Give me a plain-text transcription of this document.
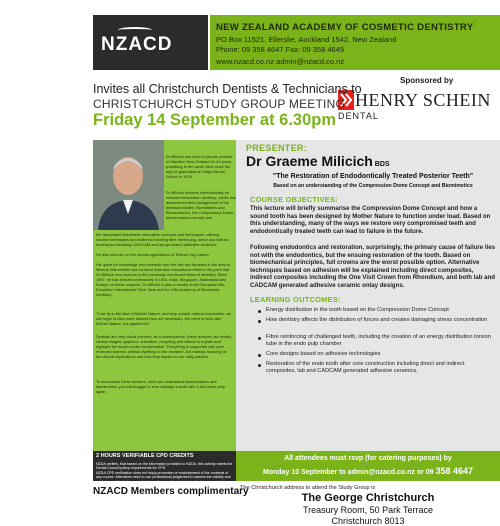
NZACD
NEW ZEALAND ACADEMY OF COSMETIC DENTISTRY
PO Box 11521, Ellerslie, Auckland 1542, New Zealand
Phone: 09 358 4647 Fax: 09 358 4649
www.nzacd.co.nz admin@nzacd.co.nz
Sponsored by
HENRY SCHEIN
DENTAL
Invites all Christchurch Dentists & Technicians to
CHRISTCHURCH STUDY GROUP MEETING
Friday 14 September at 6.30pm
Dr Milicich has been in private practice in Hamilton New Zealand for 40 years, practicing in the same clinic since the day he graduated at Otago Dental School in 1976.
Dr Milicich lectures internationally on minimal intervention dentistry, caries risk assessment and management of the diseased biofilm, Biomimetics and Biomechanics, the Compression Dome biomechanics concept and
the associated biomimetic restorative concepts and techniques, utilizing modern techniques and material including fibre reinforcing, direct and indirect techniques including CAD/CAM and lab generated adhesive ceramics.
He also lectures on the clinical applications of Erbium-Yag Lasers.
His quest for knowledge and research over the last two decades in the area of Mineral Intervention has involved extensive educational effort to the point that Dr Milicich now lectures in the previously mentioned fields of dentistry. Since 1997, he has lectured extensively in USA, India, Singapore, Australasia and Europe on these subjects. Dr Milicich is also a mentor to the European Bio-Emulation International Think Tank and the USA Academy of Biomimetic Dentistry.
"If we fly in the face of Mother Nature, and stop outside natural boundaries, we will begin to face more failures than are necessary. We need to work with Mother Nature, not against her".
Dentists are very visual learners, as a consequence, these lectures use mostly clinical images, graphics, animation, morphing and videos to explain and highlight the issues under consideration. Everything is supported with peer reviewed science, without dwelling on the research, but instead, focusing on the clinical implications and how they impact on our daily practice.
To summarise these lectures, once you understand biomechanics and biomimetics, you will struggle to ever damage a tooth with a full crown prep again.
2 HOURS VERIFIABLE CPD CREDITS
NZDA verifies, that based on the information provided to NZDA, this activity meets the Dental Council policy requirements for CPD.
NZDA CPD verification does not imply promotion or endorsement of the contents of any course. Attendees need to use professional judgement to assess the validity and usefulness of techniques, materials or therapeutic products to their own practice.
NZACD Members complimentary
PRESENTER:
Dr Graeme Milicich BDS
"The Restoration of Endodontically Treated Posterior Teeth"
Based on an understanding of the Compression Dome Concept and Biomimetics
COURSE OBJECTIVES:
This lecture will briefly summarise the Compression Dome Concept and how a sound tooth has been designed by Mother Nature to function under load. Based on this understanding, many of the ways we restore very compromised teeth and endodontically treated teeth can lead to failure in the future.
Following endodontics and restoration, surprisingly, the primary cause of failure lies not with the endodontics, but the ensuing restoration of the tooth. Based on biomechanical principles, full crowns are the worst possible option. Alternative techniques based on adhesion will be explained including direct composites, indirect composites including the One Visit Crown from Rhondium, and both lab and CADCAM generated adhesive ceramic onlay designs.
LEARNING OUTCOMES:
Energy distribution in the tooth based on the Compression Dome Concept
How dentistry affects the distribution of forces and creates damaging stress concentration
Fibre reinforcing of challenged teeth, including the creation of an energy distribution torsion tube in the endo pulp chamber
Core designs based on adhesive technologies
Restoration of the endo tooth after core construction including direct and indirect composites, lab and CADCAM generated adhesive ceramics.
All attendees must rsvp (for catering purposes) by
Monday 10 September to admin@nzacd.co.nz or 09 358 4647
The Christchurch address to attend the Study Group is
The George Christchurch
Treasury Room, 50 Park Terrace
Christchurch 8013
